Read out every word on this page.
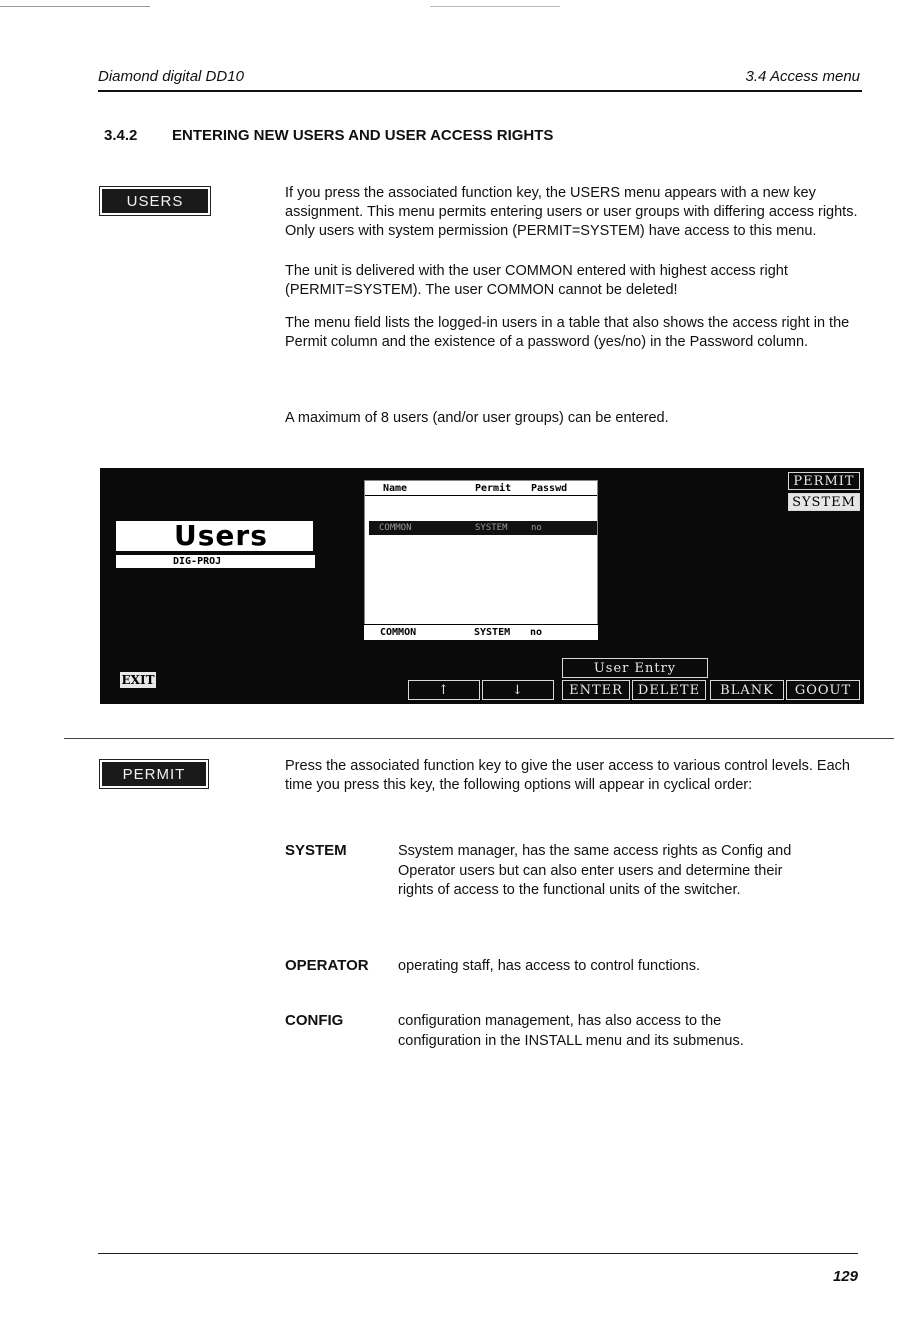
Diamond digital DD10	3.4 Access menu
3.4.2 ENTERING NEW USERS AND USER ACCESS RIGHTS
USERS	If you press the associated function key, the USERS menu appears with a new key assignment. This menu permits entering users or user groups with differing access rights. Only users with system permission (PERMIT=SYSTEM) have access to this menu.
The unit is delivered with the user COMMON entered with highest access right (PERMIT=SYSTEM). The user COMMON cannot be deleted!
The menu field lists the logged-in users in a table that also shows the access right in the Permit column and the existence of a password (yes/no) in the Password column.
A maximum of 8 users (and/or user groups) can be entered.
Users
DIG-PROJ
Name	Permit Passwd
COMMON	SYSTEM	no
COMMON	SYSTEM no
PERMIT
SYSTEM
User Entry
↑	↓	ENTER	DELETE	BLANK	GOOUT
EXIT
PERMIT	Press the associated function key to give the user access to various control levels. Each time you press this key, the following options will appear in cyclical order:
SYSTEM	Ssystem manager, has the same access rights as Config and Operator users but can also enter users and determine their rights of access to the functional units of the switcher.
OPERATOR operating staff, has access to control functions.
CONFIG	configuration management, has also access to the configuration in the INSTALL menu and its submenus.
129
